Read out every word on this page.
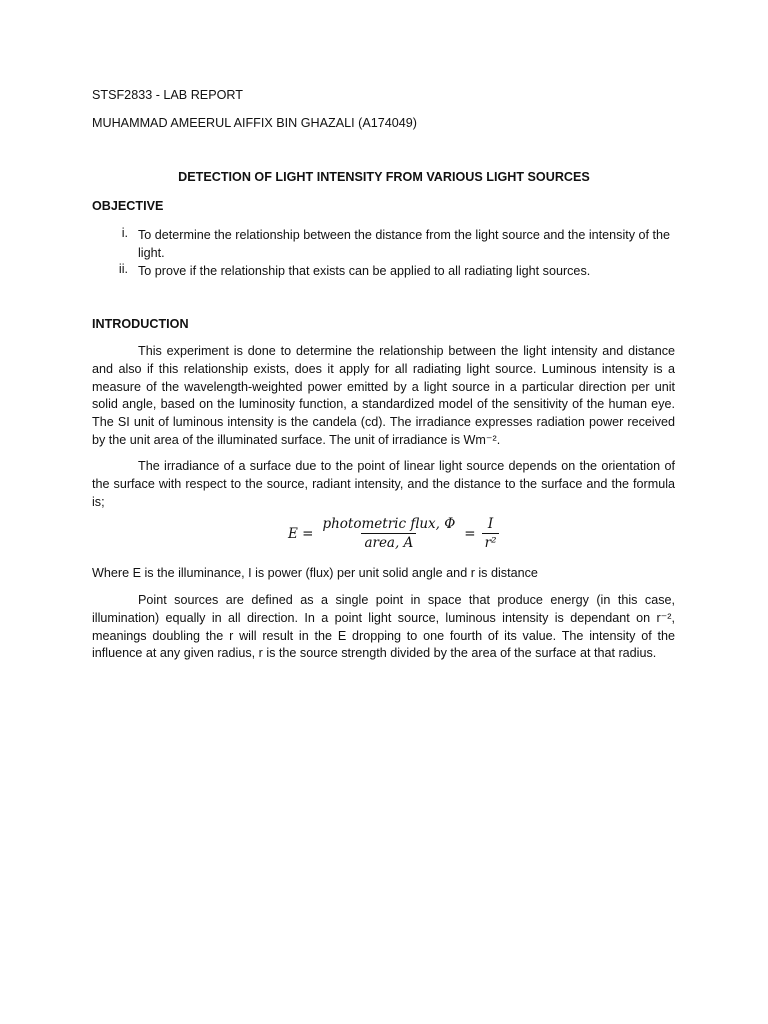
STSF2833 - LAB REPORT
MUHAMMAD AMEERUL AIFFIX BIN GHAZALI (A174049)
DETECTION OF LIGHT INTENSITY FROM VARIOUS LIGHT SOURCES
OBJECTIVE
i. To determine the relationship between the distance from the light source and the intensity of the light.
ii. To prove if the relationship that exists can be applied to all radiating light sources.
INTRODUCTION

This experiment is done to determine the relationship between the light intensity and distance and also if this relationship exists, does it apply for all radiating light source. Luminous intensity is a measure of the wavelength-weighted power emitted by a light source in a particular direction per unit solid angle, based on the luminosity function, a standardized model of the sensitivity of the human eye. The SI unit of luminous intensity is the candela (cd). The irradiance expresses radiation power received by the unit area of the illuminated surface. The unit of irradiance is Wm⁻².

The irradiance of a surface due to the point of linear light source depends on the orientation of the surface with respect to the source, radiant intensity, and the distance to the surface and the formula is;

$E = \frac{\text{photometric flux, Φ}}{\text{area, A}} = \frac{I}{\text{r²}}$
Where E is the illuminance, I is power (flux) per unit solid angle and r is distance

Point sources are defined as a single point in space that produce energy (in this case, illumination) equally in all direction. In a point light source, luminous intensity is dependant on r⁻², meanings doubling the r will result in the E dropping to one fourth of its value. The intensity of the influence at any given radius, r is the source strength divided by the area of the surface at that radius.
